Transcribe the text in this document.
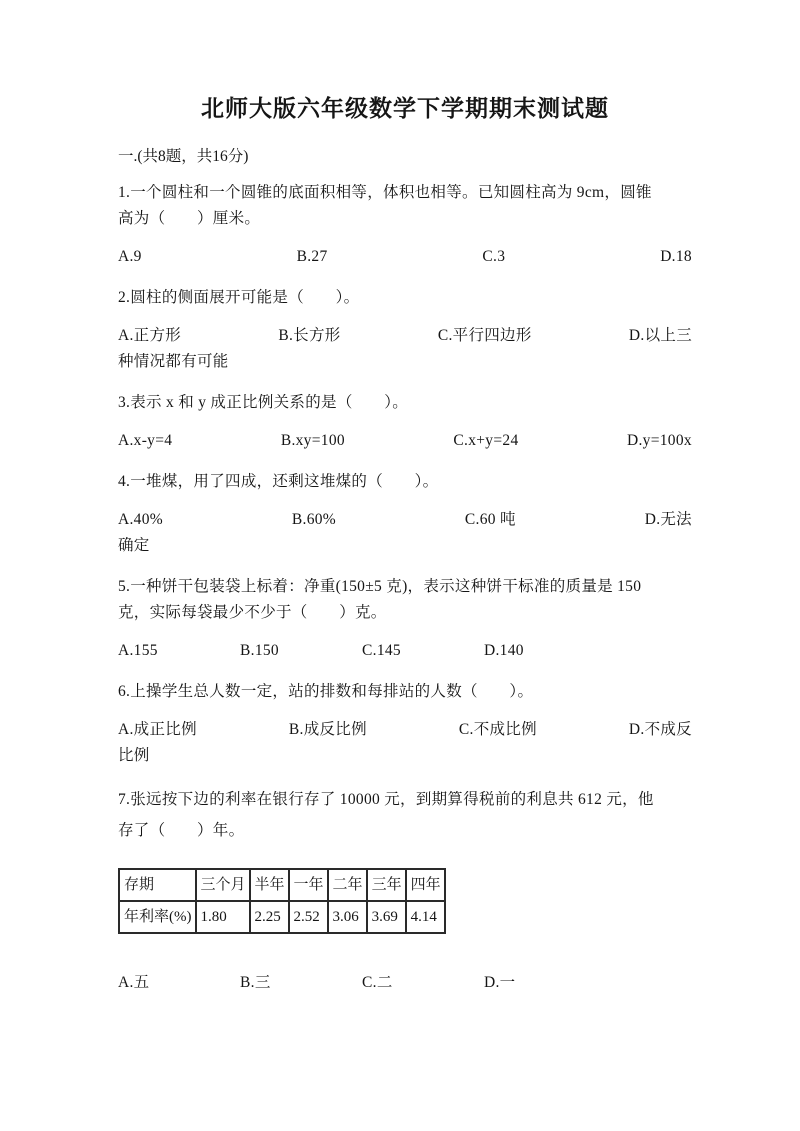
北师大版六年级数学下学期期末测试题
一.(共8题，共16分)

1.一个圆柱和一个圆锥的底面积相等，体积也相等。已知圆柱高为 9cm，圆锥

高为（　　）厘米。

A.9	B.27	C.3	D.18

2.圆柱的侧面展开可能是（　　）。

A.正方形	B.长方形	C.平行四边形	D.以上三

种情况都有可能

3.表示 x 和 y 成正比例关系的是（　　）。

A.x-y=4	B.xy=100	C.x+y=24	D.y=100x

4.一堆煤，用了四成，还剩这堆煤的（　　）。

A.40%	B.60%	C.60 吨	D.无法

确定

5.一种饼干包装袋上标着：净重(150±5 克)，表示这种饼干标准的质量是 150

克，实际每袋最少不少于（　　）克。

A.155	B.150	C.145	D.140

6.上操学生总人数一定，站的排数和每排站的人数（　　）。

A.成正比例	B.成反比例	C.不成比例	D.不成反

比例

7.张远按下边的利率在银行存了 10000 元，到期算得税前的利息共 612 元，他

存了（　　）年。

存期	三个月	半年	一年	二年	三年	四年
年利率(%)	1.80	2.25	2.52	3.06	3.69	4.14
A.五	B.三	C.二	D.一
